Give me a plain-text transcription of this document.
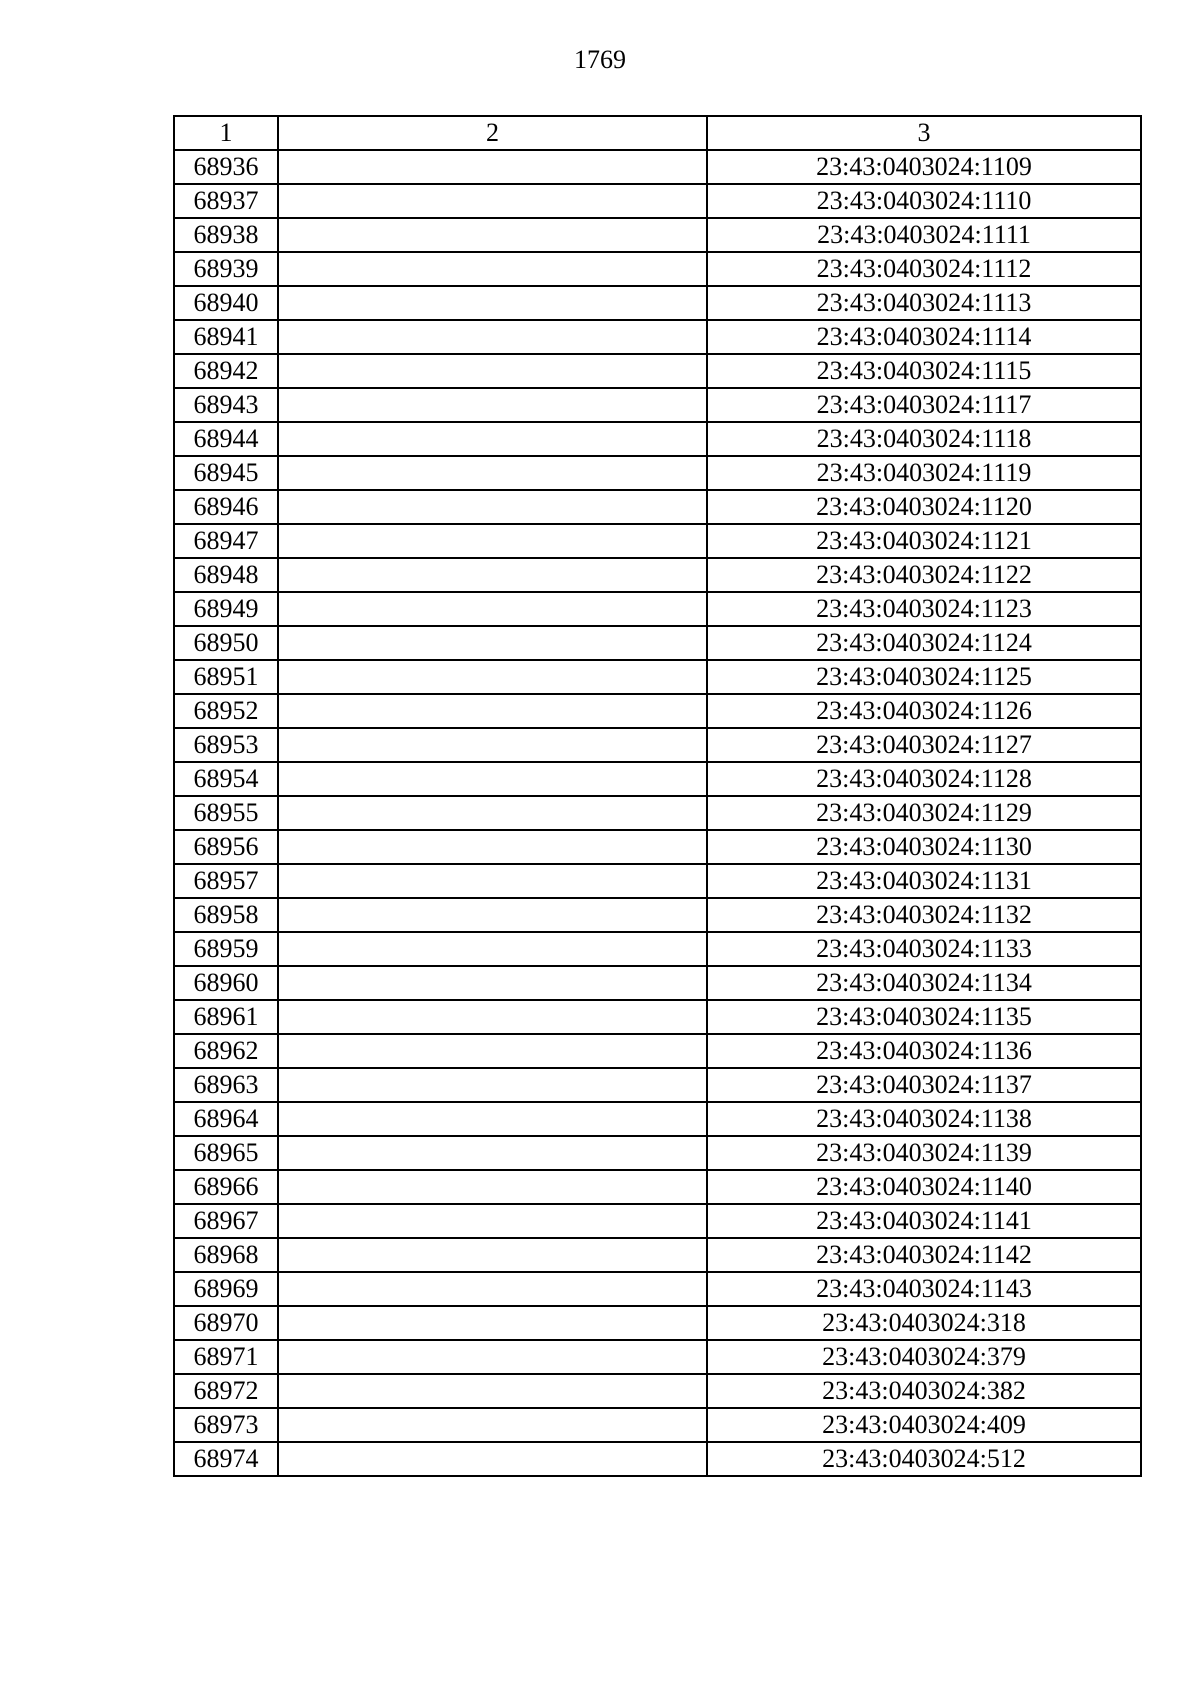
1769
1	2	3
68936		23:43:0403024:1109
68937		23:43:0403024:1110
68938		23:43:0403024:1111
68939		23:43:0403024:1112
68940		23:43:0403024:1113
68941		23:43:0403024:1114
68942		23:43:0403024:1115
68943		23:43:0403024:1117
68944		23:43:0403024:1118
68945		23:43:0403024:1119
68946		23:43:0403024:1120
68947		23:43:0403024:1121
68948		23:43:0403024:1122
68949		23:43:0403024:1123
68950		23:43:0403024:1124
68951		23:43:0403024:1125
68952		23:43:0403024:1126
68953		23:43:0403024:1127
68954		23:43:0403024:1128
68955		23:43:0403024:1129
68956		23:43:0403024:1130
68957		23:43:0403024:1131
68958		23:43:0403024:1132
68959		23:43:0403024:1133
68960		23:43:0403024:1134
68961		23:43:0403024:1135
68962		23:43:0403024:1136
68963		23:43:0403024:1137
68964		23:43:0403024:1138
68965		23:43:0403024:1139
68966		23:43:0403024:1140
68967		23:43:0403024:1141
68968		23:43:0403024:1142
68969		23:43:0403024:1143
68970		23:43:0403024:318
68971		23:43:0403024:379
68972		23:43:0403024:382
68973		23:43:0403024:409
68974		23:43:0403024:512
